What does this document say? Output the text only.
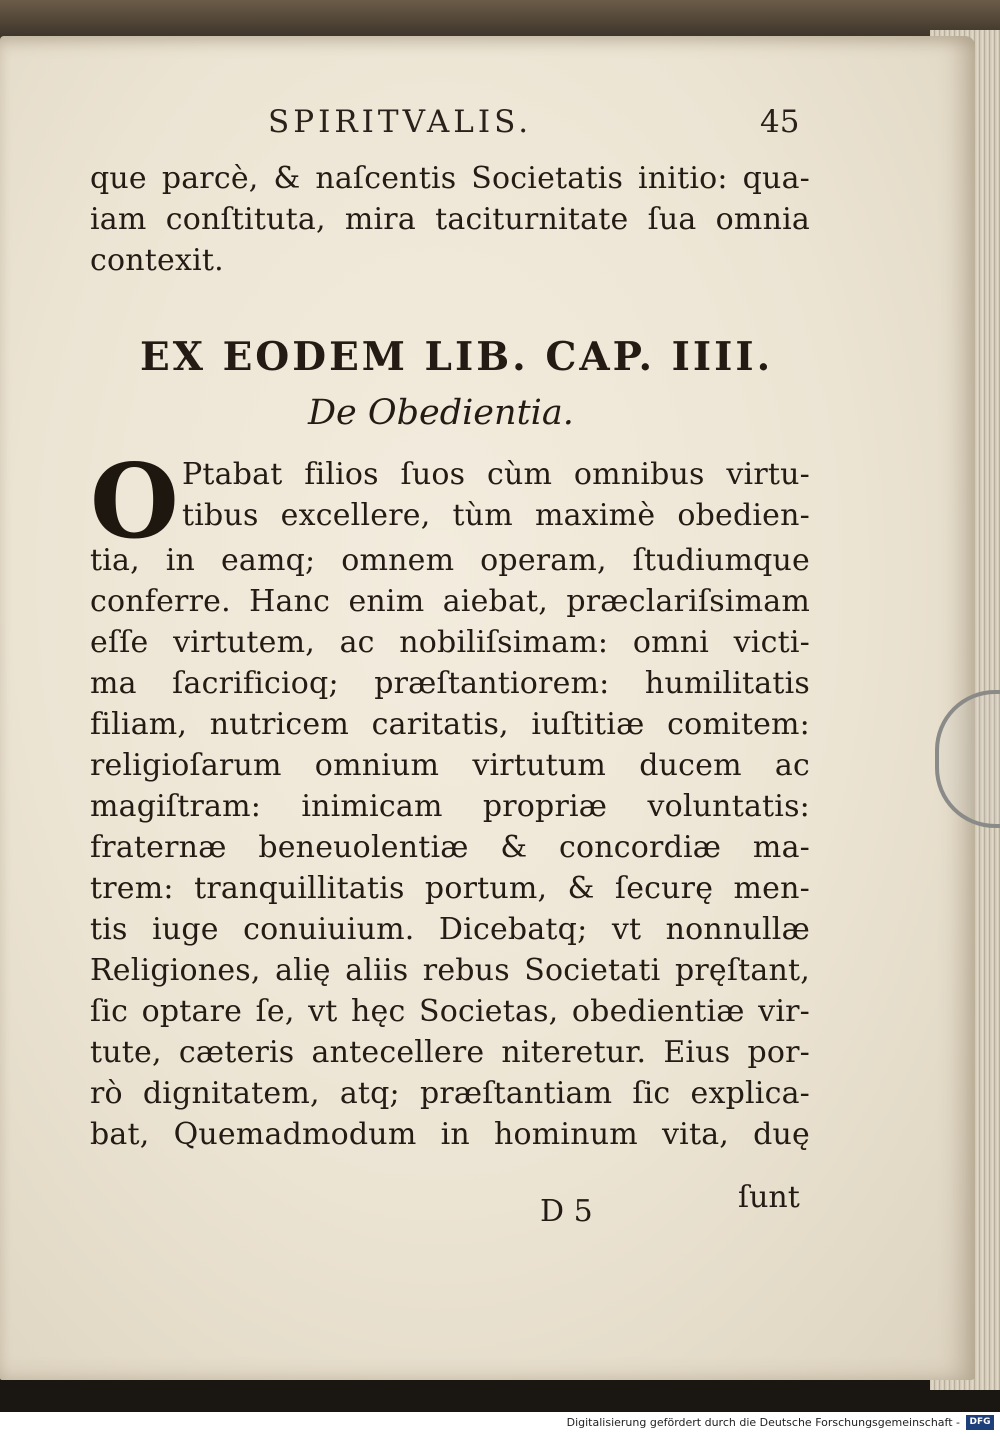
SPIRITVALIS.	45
que parcè, & naſcentis Societatis initio: qua-
iam conſtituta, mira taciturnitate ſua omnia
contexit.
EX EODEM LIB. CAP. IIII.
De Obedientia.
O Ptabat filios ſuos cùm omnibus virtu-
tibus excellere, tùm maximè obedien-
tia, in eamq; omnem operam, ſtudiumque
conferre. Hanc enim aiebat, præclariſsimam
eſſe virtutem, ac nobiliſsimam: omni victi-
ma ſacrificioq; præſtantiorem: humilitatis
filiam, nutricem caritatis, iuſtitiæ comitem:
religioſarum omnium virtutum ducem ac
magiſtram: inimicam propriæ voluntatis:
fraternæ beneuolentiæ & concordiæ ma-
trem: tranquillitatis portum, & ſecurę men-
tis iuge conuiuium. Dicebatq; vt nonnullæ
Religiones, alię aliis rebus Societati pręſtant,
ſic optare ſe, vt hęc Societas, obedientiæ vir-
tute, cæteris antecellere niteretur. Eius por-
rò dignitatem, atq; præſtantiam ſic explica-
bat, Quemadmodum in hominum vita, duę
D 5	ſunt
Digitalisierung gefördert durch die Deutsche Forschungsgemeinschaft -	DFG
